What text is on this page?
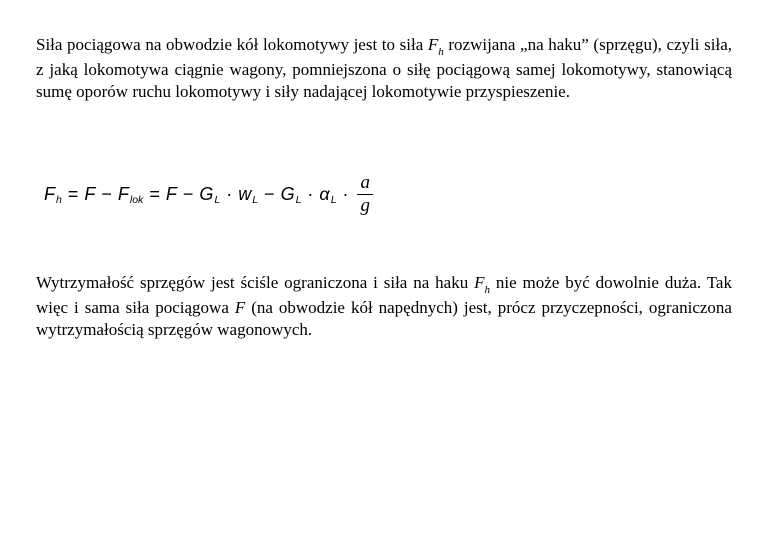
Siła pociągowa na obwodzie kół lokomotywy jest to siła $F_h$ rozwijana „na haku” (sprzęgu), czyli siła, z jaką lokomotywa ciągnie wagony, pomniejszona o siłę pociągową samej lokomotywy, stanowiącą sumę oporów ruchu lokomotywy i siły nadającej lokomotywie przyspieszenie.

F h = F − F lok = F − G L · w L − G L · α $L \cdot \frac{a}{g}$

Wytrzymałość sprzęgów jest ściśle ograniczona i siła na haku $F_h$ nie może być dowolnie duża. Tak więc i sama siła pociągowa F (na obwodzie kół napędnych) jest, prócz przyczepności, ograniczona wytrzymałością sprzęgów wagonowych.
